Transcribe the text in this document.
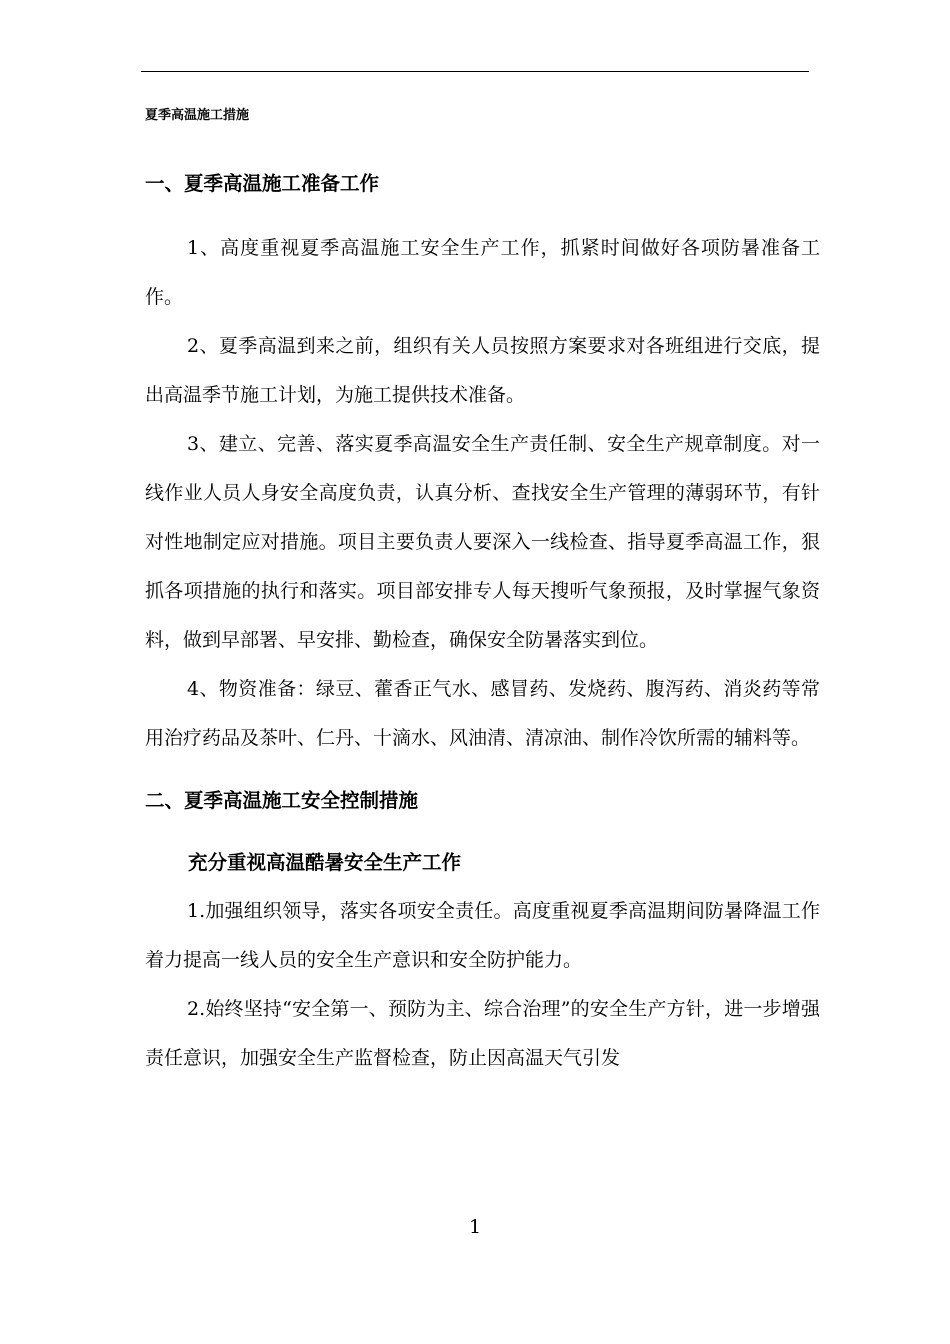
夏季高温施工措施
一、夏季高温施工准备工作

1、高度重视夏季高温施工安全生产工作，抓紧时间做好各项防暑准备工作。

2、夏季高温到来之前，组织有关人员按照方案要求对各班组进行交底，提出高温季节施工计划，为施工提供技术准备。

3、建立、完善、落实夏季高温安全生产责任制、安全生产规章制度。对一线作业人员人身安全高度负责，认真分析、查找安全生产管理的薄弱环节，有针对性地制定应对措施。项目主要负责人要深入一线检查、指导夏季高温工作，狠抓各项措施的执行和落实。项目部安排专人每天搜听气象预报，及时掌握气象资料，做到早部署、早安排、勤检查，确保安全防暑落实到位。

4、物资准备：绿豆、藿香正气水、感冒药、发烧药、腹泻药、消炎药等常用治疗药品及茶叶、仁丹、十滴水、风油清、清凉油、制作冷饮所需的辅料等。

二、夏季高温施工安全控制措施
充分重视高温酷暑安全生产工作

1.加强组织领导，落实各项安全责任。高度重视夏季高温期间防暑降温工作着力提高一线人员的安全生产意识和安全防护能力。

2.始终坚持“安全第一、预防为主、综合治理”的安全生产方针，进一步增强责任意识，加强安全生产监督检查，防止因高温天气引发

1
